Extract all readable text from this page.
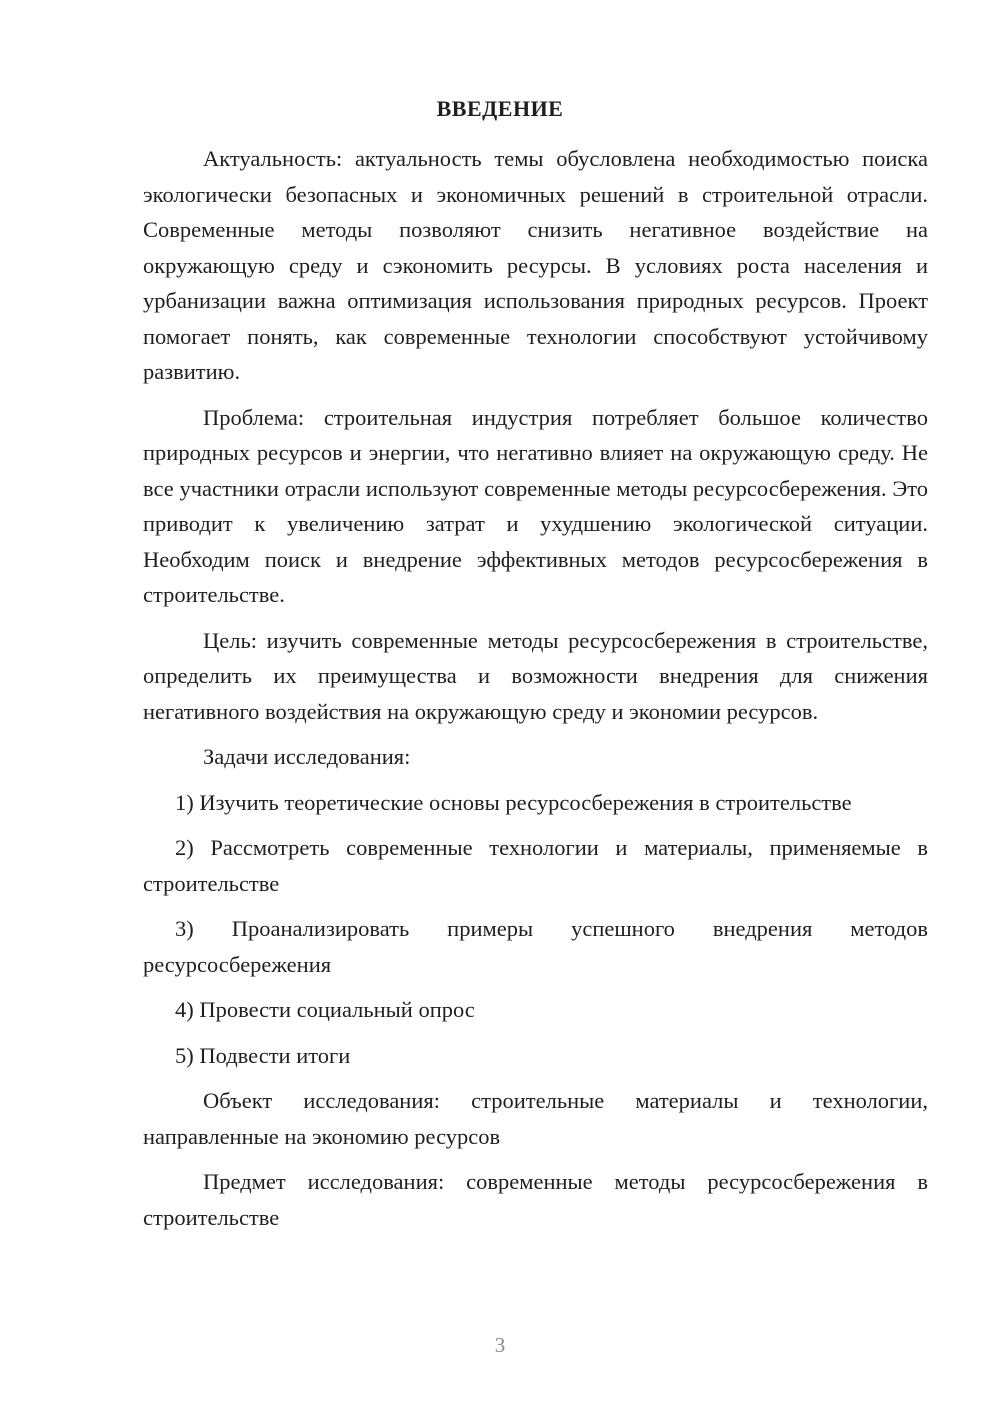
ВВЕДЕНИЕ

Актуальность: актуальность темы обусловлена необходимостью поиска экологически безопасных и экономичных решений в строительной отрасли. Современные методы позволяют снизить негативное воздействие на окружающую среду и сэкономить ресурсы. В условиях роста населения и урбанизации важна оптимизация использования природных ресурсов. Проект помогает понять, как современные технологии способствуют устойчивому развитию.

Проблема: строительная индустрия потребляет большое количество природных ресурсов и энергии, что негативно влияет на окружающую среду. Не все участники отрасли используют современные методы ресурсосбережения. Это приводит к увеличению затрат и ухудшению экологической ситуации. Необходим поиск и внедрение эффективных методов ресурсосбережения в строительстве.

Цель: изучить современные методы ресурсосбережения в строительстве, определить их преимущества и возможности внедрения для снижения негативного воздействия на окружающую среду и экономии ресурсов.

Задачи исследования:

1) Изучить теоретические основы ресурсосбережения в строительстве

2) Рассмотреть современные технологии и материалы, применяемые в строительстве

3) Проанализировать примеры успешного внедрения методов ресурсосбережения

4) Провести социальный опрос

5) Подвести итоги

Объект исследования: строительные материалы и технологии, направленные на экономию ресурсов

Предмет исследования: современные методы ресурсосбережения в строительстве

3
